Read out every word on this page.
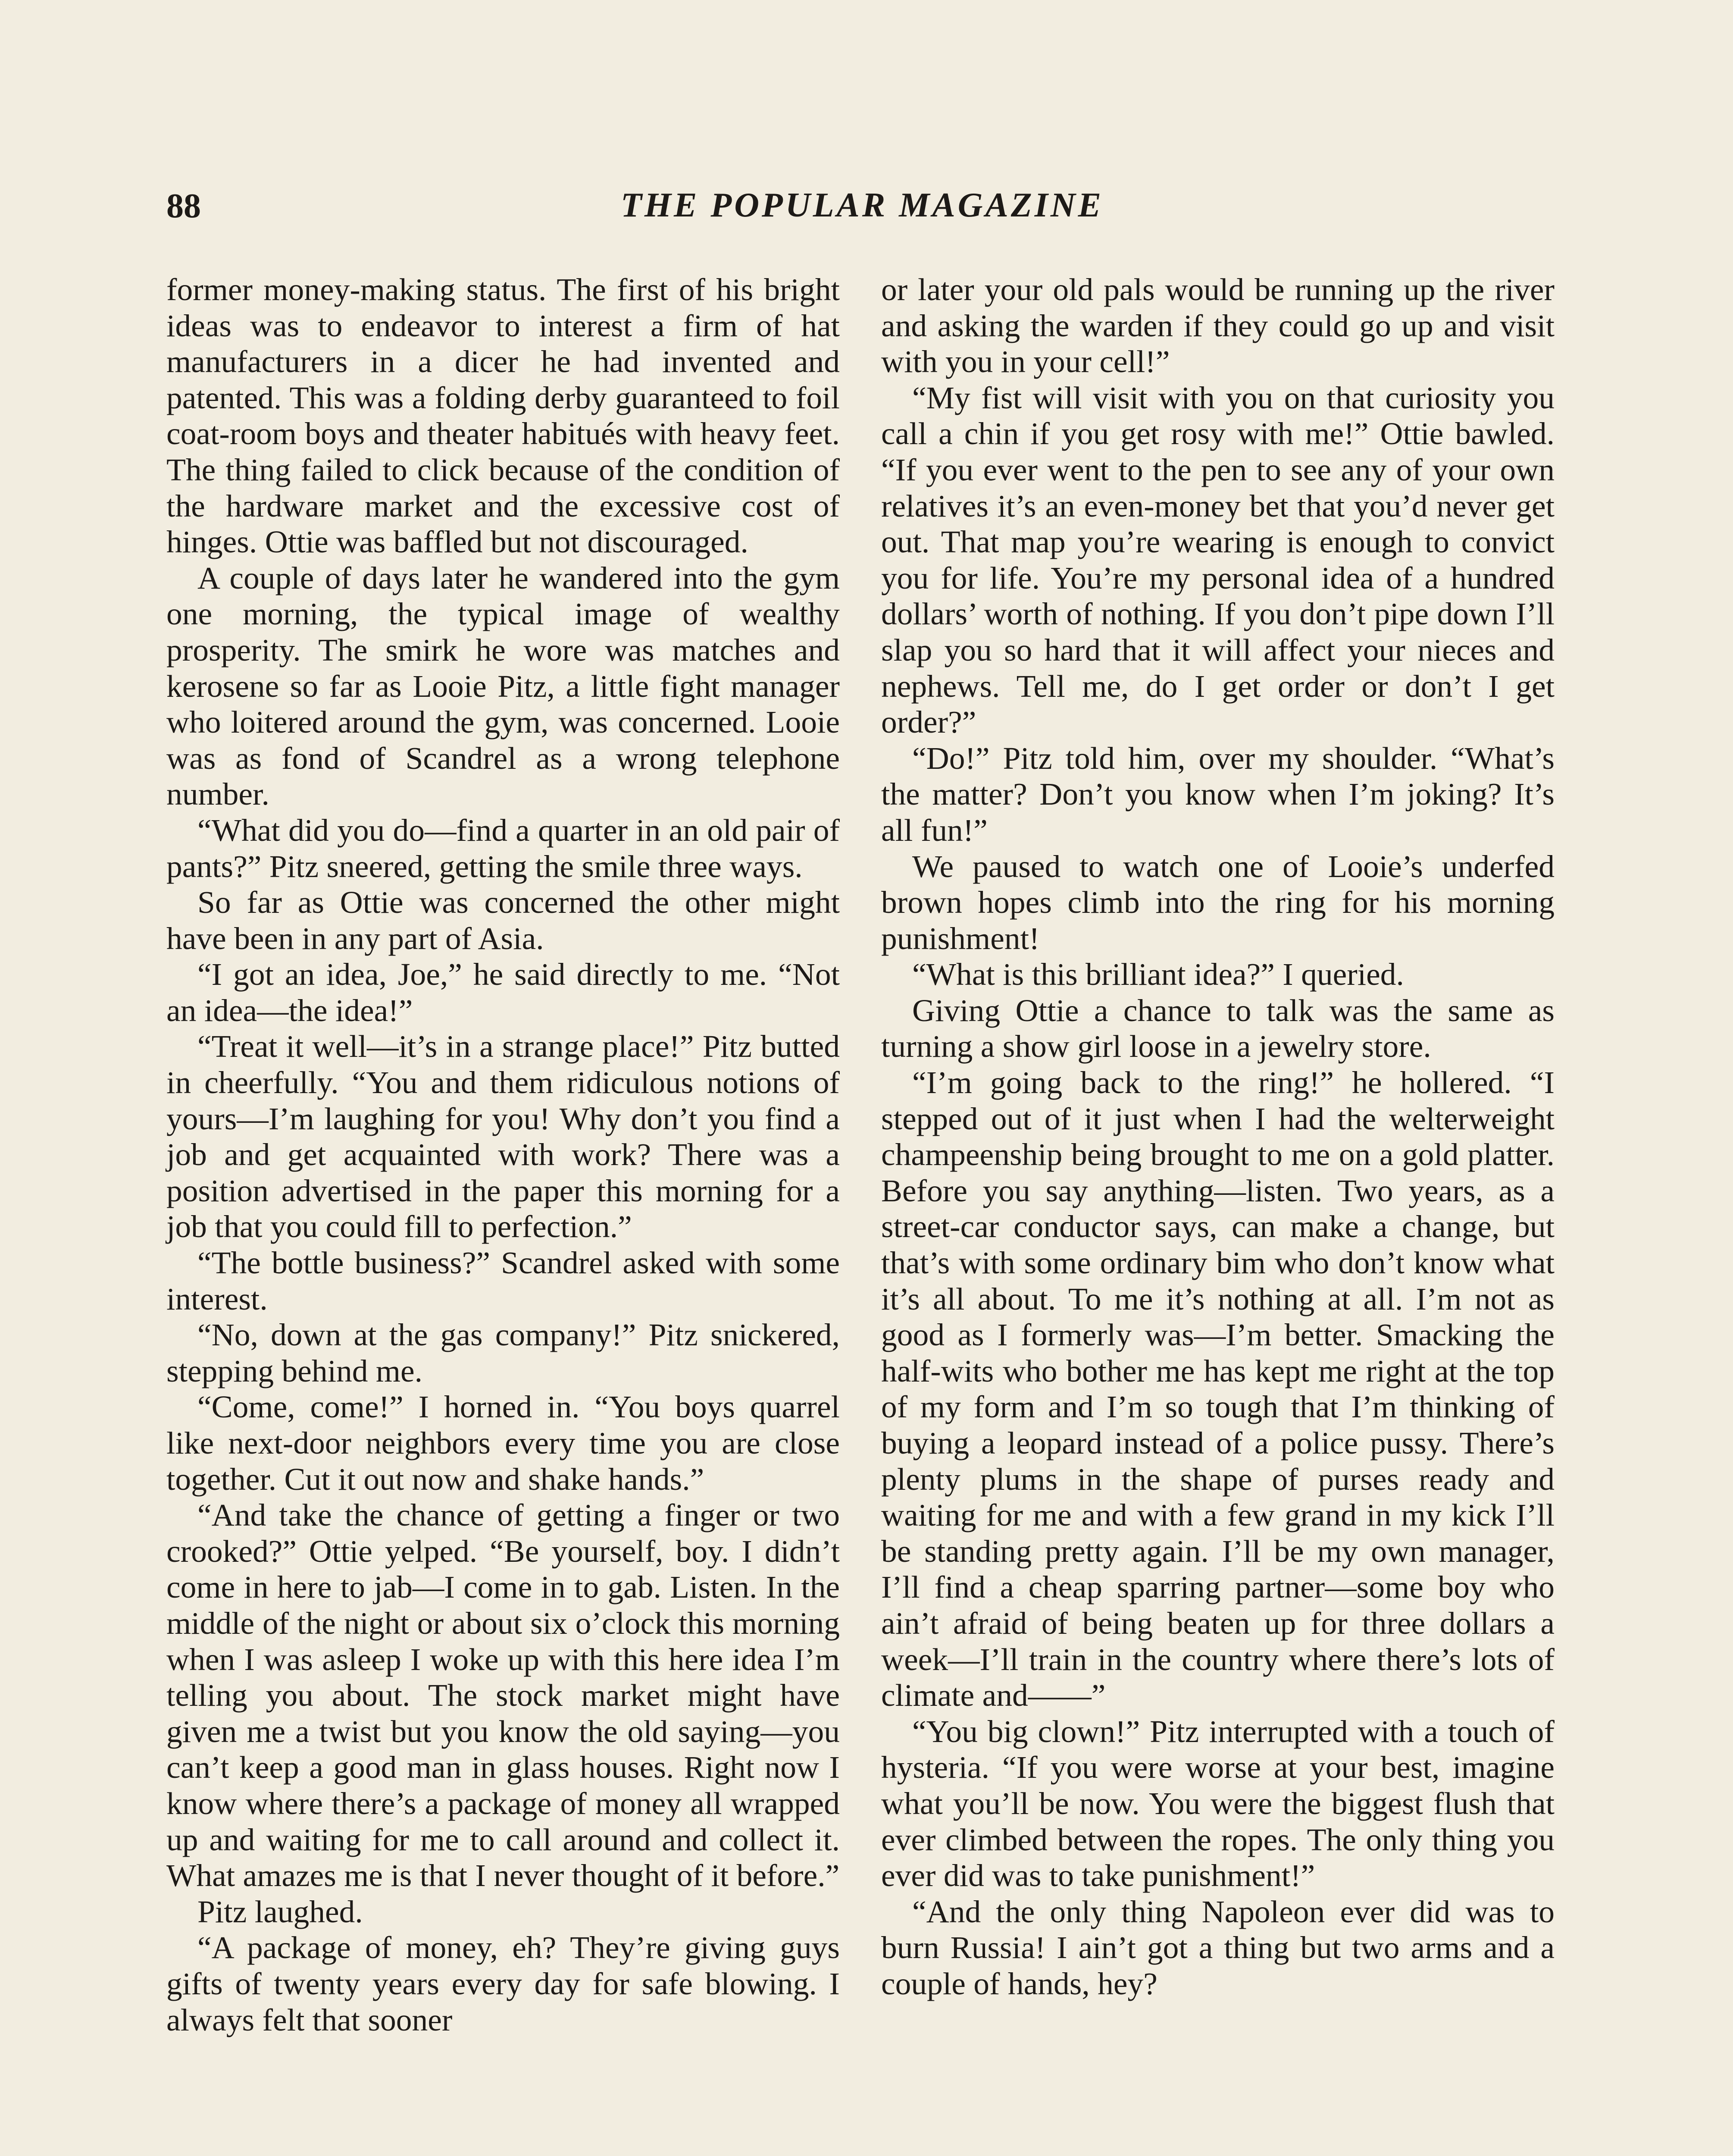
88	THE POPULAR MAGAZINE

former money-making status. The first of his bright ideas was to endeavor to interest a firm of hat manufacturers in a dicer he had invented and patented. This was a folding derby guaranteed to foil coat-room boys and theater habitués with heavy feet. The thing failed to click because of the condition of the hardware market and the excessive cost of hinges. Ottie was baffled but not discouraged.

A couple of days later he wandered into the gym one morning, the typical image of wealthy prosperity. The smirk he wore was matches and kerosene so far as Looie Pitz, a little fight manager who loitered around the gym, was concerned. Looie was as fond of Scandrel as a wrong telephone number.

“What did you do—find a quarter in an old pair of pants?” Pitz sneered, getting the smile three ways.

So far as Ottie was concerned the other might have been in any part of Asia.

“I got an idea, Joe,” he said directly to me. “Not an idea—the idea!”

“Treat it well—it’s in a strange place!” Pitz butted in cheerfully. “You and them ridiculous notions of yours—I’m laughing for you! Why don’t you find a job and get acquainted with work? There was a position advertised in the paper this morning for a job that you could fill to perfection.”

“The bottle business?” Scandrel asked with some interest.

“No, down at the gas company!” Pitz snickered, stepping behind me.

“Come, come!” I horned in. “You boys quarrel like next-door neighbors every time you are close together. Cut it out now and shake hands.”

“And take the chance of getting a finger or two crooked?” Ottie yelped. “Be yourself, boy. I didn’t come in here to jab—I come in to gab. Listen. In the middle of the night or about six o’clock this morning when I was asleep I woke up with this here idea I’m telling you about. The stock market might have given me a twist but you know the old saying—you can’t keep a good man in glass houses. Right now I know where there’s a package of money all wrapped up and waiting for me to call around and collect it. What amazes me is that I never thought of it before.”

Pitz laughed.

“A package of money, eh? They’re giving guys gifts of twenty years every day for safe blowing. I always felt that sooner

or later your old pals would be running up the river and asking the warden if they could go up and visit with you in your cell!”

“My fist will visit with you on that curiosity you call a chin if you get rosy with me!” Ottie bawled. “If you ever went to the pen to see any of your own relatives it’s an even-money bet that you’d never get out. That map you’re wearing is enough to convict you for life. You’re my personal idea of a hundred dollars’ worth of nothing. If you don’t pipe down I’ll slap you so hard that it will affect your nieces and nephews. Tell me, do I get order or don’t I get order?”

“Do!” Pitz told him, over my shoulder. “What’s the matter? Don’t you know when I’m joking? It’s all fun!”

We paused to watch one of Looie’s underfed brown hopes climb into the ring for his morning punishment!

“What is this brilliant idea?” I queried.

Giving Ottie a chance to talk was the same as turning a show girl loose in a jewelry store.

“I’m going back to the ring!” he hollered. “I stepped out of it just when I had the welterweight champeenship being brought to me on a gold platter. Before you say anything—listen. Two years, as a street-car conductor says, can make a change, but that’s with some ordinary bim who don’t know what it’s all about. To me it’s nothing at all. I’m not as good as I formerly was—I’m better. Smacking the half-wits who bother me has kept me right at the top of my form and I’m so tough that I’m thinking of buying a leopard instead of a police pussy. There’s plenty plums in the shape of purses ready and waiting for me and with a few grand in my kick I’ll be standing pretty again. I’ll be my own manager, I’ll find a cheap sparring partner—some boy who ain’t afraid of being beaten up for three dollars a week—I’ll train in the country where there’s lots of climate and——”

“You big clown!” Pitz interrupted with a touch of hysteria. “If you were worse at your best, imagine what you’ll be now. You were the biggest flush that ever climbed between the ropes. The only thing you ever did was to take punishment!”

“And the only thing Napoleon ever did was to burn Russia! I ain’t got a thing but two arms and a couple of hands, hey?
